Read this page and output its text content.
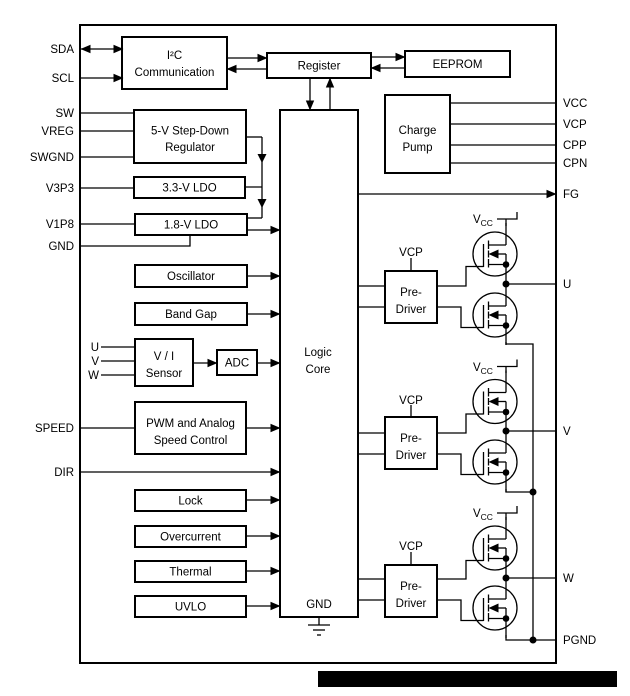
I²C
Communication
Register	EEPROM
5-V Step-Down
Regulator
3.3-V LDO
1.8-V LDO
Oscillator
Band Gap
V / I
Sensor
ADC
PWM and Analog
Speed Control
Lock
Overcurrent
Thermal
UVLO
Charge
Pump
Logic
Core
GND
Pre-
Driver
Pre-
Driver
Pre-
Driver
SDA
SCL
SW
VREG
SWGND
V3P3
V1P8
GND
SPEED
DIR
VCC
VCP
CPP
CPN
FG
U
V
W
PGND
U
V
W
VCP
VCP
VCP
$V_{CC}$
$V_{CC}$
$V_{CC}$
